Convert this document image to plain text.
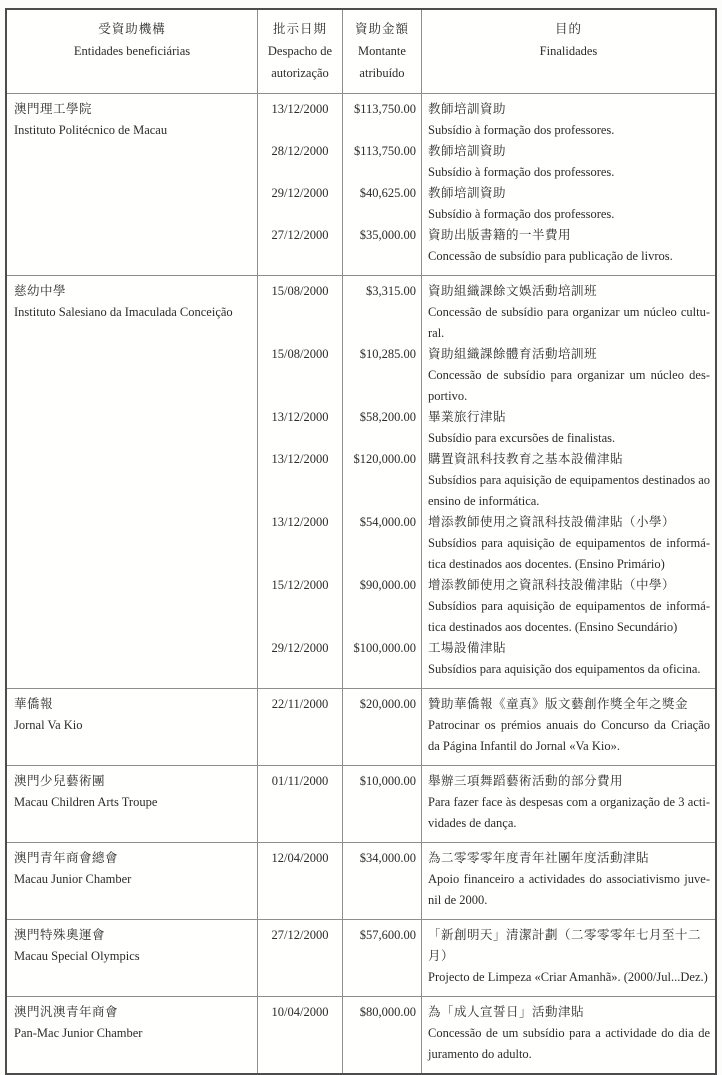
受資助機構
Entidades beneficiárias
批示日期
Despacho de autorização
資助金額
Montante atribuído
目的
Finalidades
澳門理工學院
Instituto Politécnico de Macau
13/12/2000	$113,750.00 教師培訓資助
Subsídio à formação dos professores.
28/12/2000	$113,750.00 教師培訓資助
Subsídio à formação dos professores.
29/12/2000	$40,625.00 教師培訓資助
Subsídio à formação dos professores.
27/12/2000	$35,000.00 資助出版書籍的一半費用
Concessão de subsídio para publicação de livros.
慈幼中學
Instituto Salesiano da Imaculada Conceição
15/08/2000	$3,315.00 資助組織課餘文娛活動培訓班
Concessão de subsídio para organizar um núcleo cultural.
15/08/2000	$10,285.00 資助組織課餘體育活動培訓班
Concessão de subsídio para organizar um núcleo desportivo.
13/12/2000	$58,200.00 畢業旅行津貼
Subsídio para excursões de finalistas.
13/12/2000	$120,000.00 購置資訊科技教育之基本設備津貼
Subsídios para aquisição de equipamentos destinados ao ensino de informática.
13/12/2000	$54,000.00 增添教師使用之資訊科技設備津貼（小學）
Subsídios para aquisição de equipamentos de informática destinados aos docentes. (Ensino Primário)
15/12/2000	$90,000.00 增添教師使用之資訊科技設備津貼（中學）
Subsídios para aquisição de equipamentos de informática destinados aos docentes. (Ensino Secundário)
29/12/2000	$100,000.00 工場設備津貼
Subsídios para aquisição dos equipamentos da oficina.
華僑報
Jornal Va Kio
22/11/2000	$20,000.00 贊助華僑報《童真》版文藝創作獎全年之獎金
Patrocinar os prémios anuais do Concurso da Criação da Página Infantil do Jornal «Va Kio».
澳門少兒藝術團
Macau Children Arts Troupe
01/11/2000	$10,000.00 舉辦三項舞蹈藝術活動的部分費用
Para fazer face às despesas com a organização de 3 actividades de dança.
澳門青年商會總會
Macau Junior Chamber
12/04/2000	$34,000.00 為二零零零年度青年社團年度活動津貼
Apoio financeiro a actividades do associativismo juvenil de 2000.
澳門特殊奧運會
Macau Special Olympics
27/12/2000	$57,600.00 「新創明天」清潔計劃（二零零零年七月至十二月）
Projecto de Limpeza «Criar Amanhã». (2000/Jul...Dez.)
澳門汎澳青年商會
Pan-Mac Junior Chamber
10/04/2000	$80,000.00 為「成人宣誓日」活動津貼
Concessão de um subsídio para a actividade do dia de juramento do adulto.
